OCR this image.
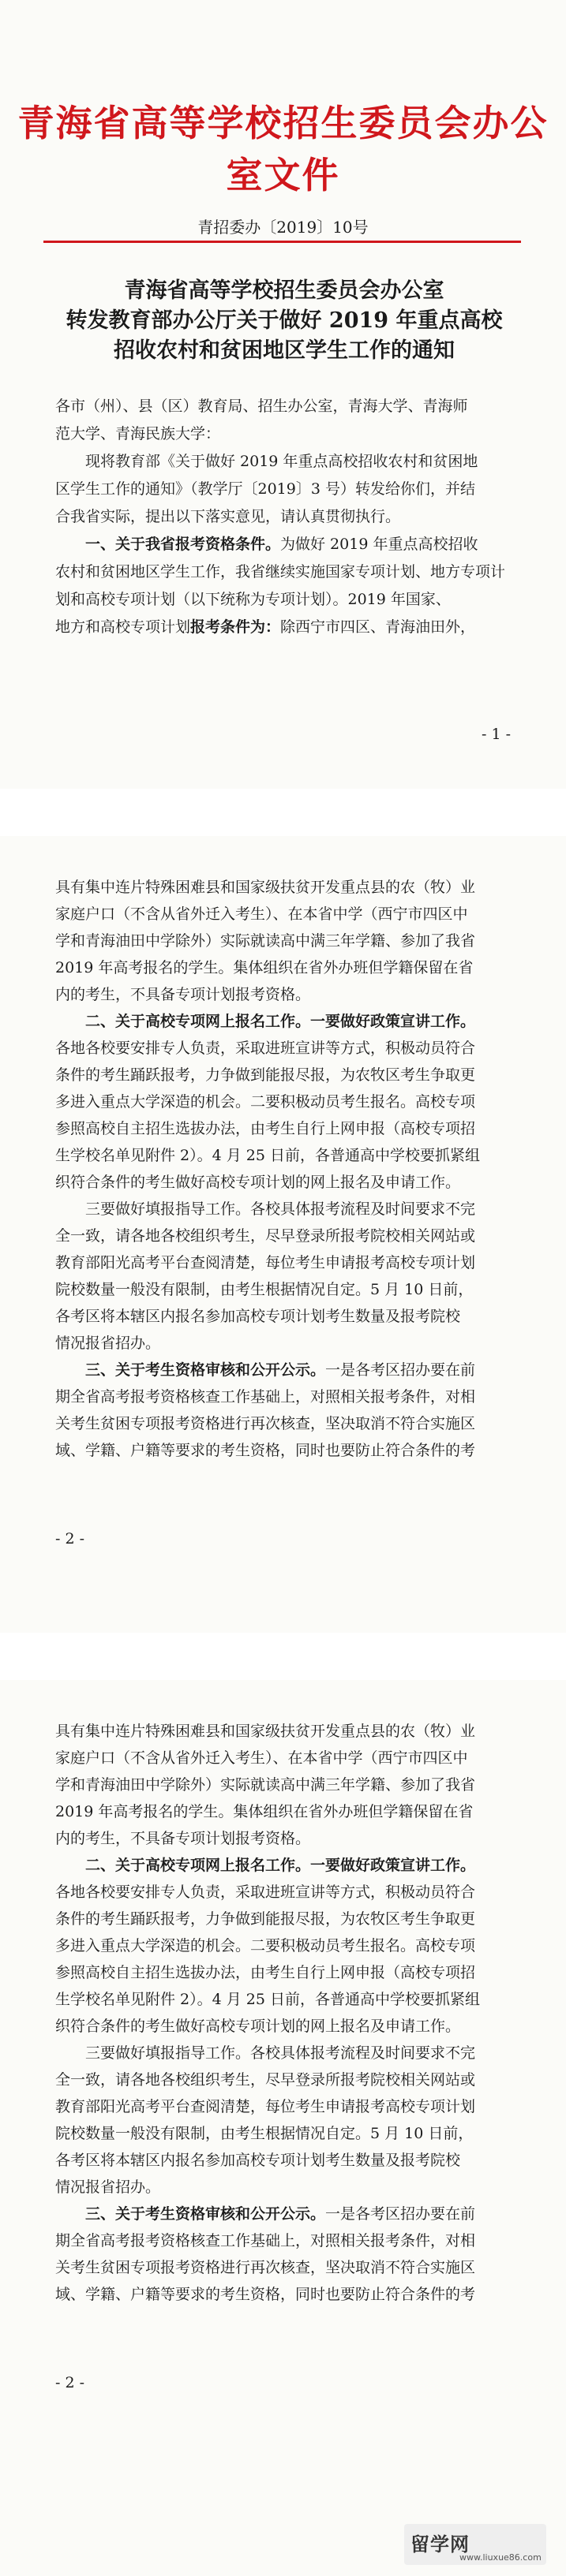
青海省高等学校招生委员会办公室文件
青招委办〔2019〕10号
青海省高等学校招生委员会办公室
转发教育部办公厅关于做好 2019 年重点高校
招收农村和贫困地区学生工作的通知
各市（州）、县（区）教育局、招生办公室，青海大学、青海师
范大学、青海民族大学：
现将教育部《关于做好 2019 年重点高校招收农村和贫困地
区学生工作的通知》（教学厅〔2019〕3 号）转发给你们，并结
合我省实际，提出以下落实意见，请认真贯彻执行。
一、关于我省报考资格条件。为做好 2019 年重点高校招收
农村和贫困地区学生工作，我省继续实施国家专项计划、地方专项计
划和高校专项计划（以下统称为专项计划）。2019 年国家、
地方和高校专项计划报考条件为：除西宁市四区、青海油田外，
- 1 -
具有集中连片特殊困难县和国家级扶贫开发重点县的农（牧）业
家庭户口（不含从省外迁入考生）、在本省中学（西宁市四区中
学和青海油田中学除外）实际就读高中满三年学籍、参加了我省
2019 年高考报名的学生。集体组织在省外办班但学籍保留在省
内的考生，不具备专项计划报考资格。
二、关于高校专项网上报名工作。一要做好政策宣讲工作。
各地各校要安排专人负责，采取进班宣讲等方式，积极动员符合
条件的考生踊跃报考，力争做到能报尽报，为农牧区考生争取更
多进入重点大学深造的机会。二要积极动员考生报名。高校专项
参照高校自主招生选拔办法，由考生自行上网申报（高校专项招
生学校名单见附件 2）。4 月 25 日前，各普通高中学校要抓紧组
织符合条件的考生做好高校专项计划的网上报名及申请工作。
三要做好填报指导工作。各校具体报考流程及时间要求不完
全一致，请各地各校组织考生，尽早登录所报考院校相关网站或
教育部阳光高考平台查阅清楚，每位考生申请报考高校专项计划
院校数量一般没有限制，由考生根据情况自定。5 月 10 日前，
各考区将本辖区内报名参加高校专项计划考生数量及报考院校
情况报省招办。
三、关于考生资格审核和公开公示。一是各考区招办要在前
期全省高考报考资格核查工作基础上，对照相关报考条件，对相
关考生贫困专项报考资格进行再次核查，坚决取消不符合实施区
域、学籍、户籍等要求的考生资格，同时也要防止符合条件的考
- 2 -
具有集中连片特殊困难县和国家级扶贫开发重点县的农（牧）业
家庭户口（不含从省外迁入考生）、在本省中学（西宁市四区中
学和青海油田中学除外）实际就读高中满三年学籍、参加了我省
2019 年高考报名的学生。集体组织在省外办班但学籍保留在省
内的考生，不具备专项计划报考资格。
二、关于高校专项网上报名工作。一要做好政策宣讲工作。
各地各校要安排专人负责，采取进班宣讲等方式，积极动员符合
条件的考生踊跃报考，力争做到能报尽报，为农牧区考生争取更
多进入重点大学深造的机会。二要积极动员考生报名。高校专项
参照高校自主招生选拔办法，由考生自行上网申报（高校专项招
生学校名单见附件 2）。4 月 25 日前，各普通高中学校要抓紧组
织符合条件的考生做好高校专项计划的网上报名及申请工作。
三要做好填报指导工作。各校具体报考流程及时间要求不完
全一致，请各地各校组织考生，尽早登录所报考院校相关网站或
教育部阳光高考平台查阅清楚，每位考生申请报考高校专项计划
院校数量一般没有限制，由考生根据情况自定。5 月 10 日前，
各考区将本辖区内报名参加高校专项计划考生数量及报考院校
情况报省招办。
三、关于考生资格审核和公开公示。一是各考区招办要在前
期全省高考报考资格核查工作基础上，对照相关报考条件，对相
关考生贫困专项报考资格进行再次核查，坚决取消不符合实施区
域、学籍、户籍等要求的考生资格，同时也要防止符合条件的考
- 2 -
留学网
www.liuxue86.com
